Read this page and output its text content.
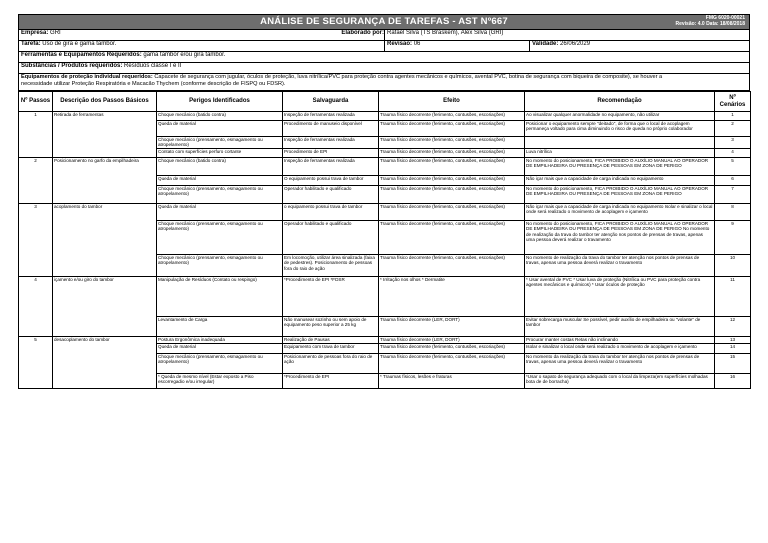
ANÁLISE DE SEGURANÇA DE TAREFAS - AST Nº667	FMG 6020-00021
Revisão: 4.0 Data: 18/08/2018
Empresa: GRI	Elaborado por: Rafael Silva (TS Braskem), Alex Silva (GRI)
Tarefa: Uso de gira e gama tambor.	Revisão: 06	Validade: 26/06/2029
Ferramentas e Equipamentos Requeridos: gama tambor e/ou gira tambor.
Substâncias / Produtos requeridos: Resíduos classe I e II
Equipamentos de proteção individual requeridos: Capacete de segurança com jugular, óculos de proteção, luva nitrílica/PVC para proteção contra agentes mecânicos e químicos, avental PVC, botina de segurança com biqueira de composite), se houver a
necessidade utilizar Proteção Respiratória e Macacão Thychem (conforme descrição de FISPQ ou FDSR).
Nº Passos	Descrição dos Passos Básicos	Perigos Identificados	Salvaguarda	Efeito	Recomendação	Nº Cenários
1	Retirada de ferramentas	Choque mecânico (batido contra)	Inspeção de ferramentas realizada	Trauma físico decorrente (ferimento, contusões, escoriações)	Ao visualizar qualquer anormalidade no equipamento, não utilizar	1
		Queda de material	Procedimento de manuseio disponível	Trauma físico decorrente (ferimento, contusões, escoriações)	Posicionar o equipamento sempre "deitado", de forma que o local de acoplagem permaneça voltado para cima diminuindo o risco de queda no próprio colaborador	2
		Choque mecânico (prensamento, esmagamento ou atropelamento)	Inspeção de ferramentas realizada	Trauma físico decorrente (ferimento, contusões, escoriações)		3
		Contato com superfícies perfuro cortante	Procedimento de EPI	Trauma físico decorrente (ferimento, contusões, escoriações)	Luva nitrílica	4
2	Posicionamento no garfo da empilhadeira	Choque mecânico (batido contra)	Inspeção de ferramentas realizada	Trauma físico decorrente (ferimento, contusões, escoriações)	No momento do posicionamento, FICA PROIBIDO O AUXÍLIO MANUAL AO OPERADOR DE EMPILHADEIRA OU PRESENÇA DE PESSOAS EM ZONA DE PERIGO	5
		Queda de material	O equipamento possui trava de tambor	Trauma físico decorrente (ferimento, contusões, escoriações)	Não içar mais que a capacidade de carga indicada no equipamento	6
		Choque mecânico (prensamento, esmagamento ou atropelamento)	Operador habilitado e qualificado	Trauma físico decorrente (ferimento, contusões, escoriações)	No momento do posicionamento, FICA PROIBIDO O AUXÍLIO MANUAL AO OPERADOR DE EMPILHADEIRA OU PRESENÇA DE PESSOAS EM ZONA DE PERIGO	7
3	acoplamento do tambor	Queda de material	o equipamento possui trava de tambor	Trauma físico decorrente (ferimento, contusões, escoriações)	Não içar mais que a capacidade de carga indicada no equipamento Isolar e sinalizar o local onde será realizado o movimento de acoplagem e içamento	8
		Choque mecânico (prensamento, esmagamento ou atropelamento)	Operador habilitado e qualificado	Trauma físico decorrente (ferimento, contusões, escoriações)	No momento do posicionamento, FICA PROIBIDO O AUXÍLIO MANUAL AO OPERADOR DE EMPILHADEIRA OU PRESENÇA DE PESSOAS EM ZONA DE PERIGO No momento de realização da trava do tambor ter atenção nos pontos de prensas de travas, apenas uma pessoa deverá realizar o travamento	9
		Choque mecânico (prensamento, esmagamento ou atropelamento)	Em locomoção, utilizar área sinalizada (faixa de pedestres). Posicionamento de pessoas fora do raio de ação	Trauma físico decorrente (ferimento, contusões, escoriações)	No momento de realização da trava do tambor ter atenção nos pontos de prensas de travas, apenas uma pessoa deverá realizar o travamento	10
4	içamento e/ou giro do tambor	Manipulação de Resíduos (Contato ou respingo)	*Procedimento de EPI *FDSR	* Irritação nos olhos * Dermatite	* Usar avental de PVC * Usar luva de proteção (Nitrílica ou PVC para proteção contra agentes mecânicos e químicos) * Usar óculos de proteção	11
		Levantamento de Carga	Não manusear sozinho ou sem apoio de equipamento peso superior a 25 kg	Trauma físico decorrente (LER, DORT)	Evitar sobrecarga muscular Se possível, pedir auxílio de empilhadeira ou "volante" de tambor	12
5	desacoplamento do tambor	Postura Ergonômica inadequada	Realização de Pausas	Trauma físico decorrente (LER, DORT)	Procurar manter costas Retas não inclinando	13
		Queda de material	Equipamento com trava de tambor	Trauma físico decorrente (ferimento, contusões, escoriações)	Isolar e sinalizar o local onde será realizado o movimento de acoplagem e içamento	14
		Choque mecânico (prensamento, esmagamento ou atropelamento)	Posicionamento de pessoas fora do raio de ação	Trauma físico decorrente (ferimento, contusões, escoriações)	No momento da realização da trava do tambor ter atenção nos pontos de prensas de travas, apenas uma pessoa deverá realizar o travamento	15
		* Queda de mesmo nível (Estar exposto a Piso escorregadio e/ou irregular)	*Procedimento de EPI	* Traumas físicos, lesões e fraturas	*Usar o sapato de segurança adequado com o local da limpeza(em superfícies molhadas bota de de borracha)	16
